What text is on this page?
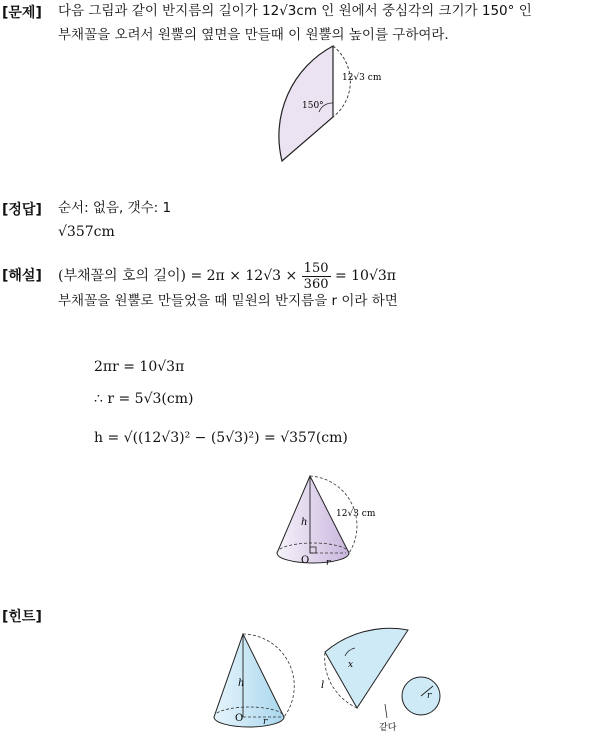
[문제] 다음 그림과 같이 반지름의 길이가 12√3cm 인 원에서 중심각의 크기가 150° 인
부채꼴을 오려서 원뿔의 옆면을 만들때 이 원뿔의 높이를 구하여라.
12√3 cm
150°
[정답] 순서: 없음, 갯수: 1
√357cm
[해설] (부채꼴의 호의 길이) = $2\pi \times 12√3 \times \frac{150}{360} = 10√3\pi$
부채꼴을 원뿔로 만들었을 때 밑원의 반지름을 r 이라 하면
2πr = 10√3π
∴ r = 5√3(cm)
h = √((12√3)² − (5√3)²) = √357(cm)
12√3 cm
h
O r
[힌트]
h
O r
l
x
r
같다
